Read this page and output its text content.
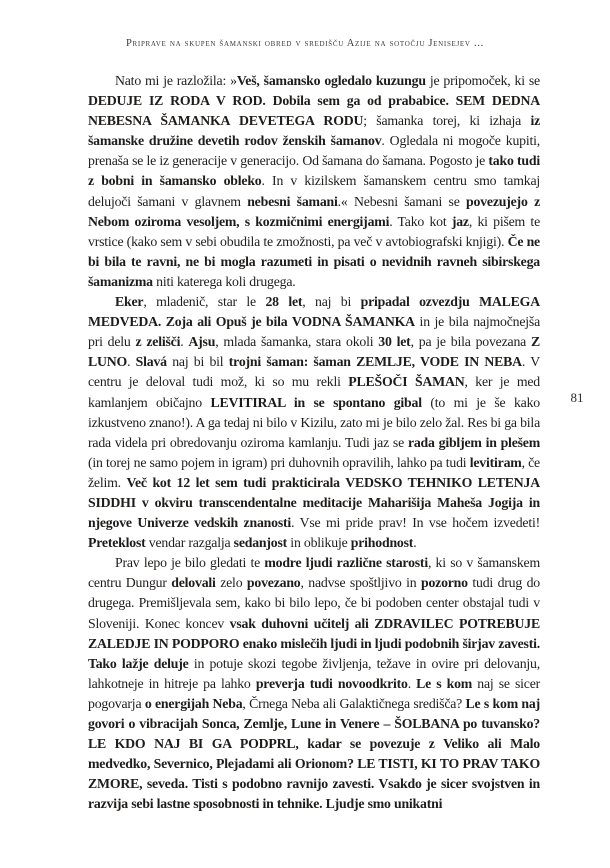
Priprave na skupen šamanski obred v središču Azije na sotočju Jenisejev ...
81

Nato mi je razložila: »Veš, šamansko ogledalo kuzungu je pripomoček, ki se DEDUJE IZ RODA V ROD. Dobila sem ga od prababice. SEM DEDNA NEBESNA ŠAMANKA DEVETEGA RODU; šamanka torej, ki izhaja iz šamanske družine devetih rodov ženskih šamanov. Ogledala ni mogoče kupiti, prenaša se le iz generacije v generacijo. Od šamana do šamana. Pogosto je tako tudi z bobni in šamansko obleko. In v kizilskem šamanskem centru smo tamkaj delujoči šamani v glavnem nebesni šamani.« Nebesni šamani se povezujejo z Nebom oziroma vesoljem, s kozmičnimi energijami. Tako kot jaz, ki pišem te vrstice (kako sem v sebi obudila te zmožnosti, pa več v avtobiografski knjigi). Če ne bi bila te ravni, ne bi mogla razumeti in pisati o nevidnih ravneh sibirskega šamanizma niti katerega koli drugega.

Eker, mladenič, star le 28 let, naj bi pripadal ozvezdju MALEGA MEDVEDA. Zoja ali Opuš je bila VODNA ŠAMANKA in je bila najmočnejša pri delu z zelišči. Ajsu, mlada šamanka, stara okoli 30 let, pa je bila povezana Z LUNO. Slavá naj bi bil trojni šaman: šaman ZEMLJE, VODE IN NEBA. V centru je deloval tudi mož, ki so mu rekli PLEŠOČI ŠAMAN, ker je med kamlanjem običajno LEVITIRAL in se spontano gibal (to mi je še kako izkustveno znano!). A ga tedaj ni bilo v Kizilu, zato mi je bilo zelo žal. Res bi ga bila rada videla pri obredovanju oziroma kamlanju. Tudi jaz se rada gibljem in plešem (in torej ne samo pojem in igram) pri duhovnih opravilih, lahko pa tudi levitiram, če želim. Več kot 12 let sem tudi prakticirala VEDSKO TEHNIKO LETENJA SIDDHI v okviru transcendentalne meditacije Maharišija Maheša Jogija in njegove Univerze vedskih znanosti. Vse mi pride prav! In vse hočem izvedeti! Preteklost vendar razgalja sedanjost in oblikuje prihodnost.

Prav lepo je bilo gledati te modre ljudi različne starosti, ki so v šamanskem centru Dungur delovali zelo povezano, nadvse spoštljivo in pozorno tudi drug do drugega. Premišljevala sem, kako bi bilo lepo, če bi podoben center obstajal tudi v Sloveniji. Konec koncev vsak duhovni učitelj ali ZDRAVILEC POTREBUJE ZALEDJE IN PODPORO enako mislečih ljudi in ljudi podobnih širjav zavesti. Tako lažje deluje in potuje skozi tegobe življenja, težave in ovire pri delovanju, lahkotneje in hitreje pa lahko preverja tudi novoodkrito. Le s kom naj se sicer pogovarja o energijah Neba, Črnega Neba ali Galaktičnega središča? Le s kom naj govori o vibracijah Sonca, Zemlje, Lune in Venere – ŠOLBANA po tuvansko? LE KDO NAJ BI GA PODPRL, kadar se povezuje z Veliko ali Malo medvedko, Severnico, Plejadami ali Orionom? LE TISTI, KI TO PRAV TAKO ZMORE, seveda. Tisti s podobno ravnijo zavesti. Vsakdo je sicer svojstven in razvija sebi lastne sposobnosti in tehnike. Ljudje smo unikatni
